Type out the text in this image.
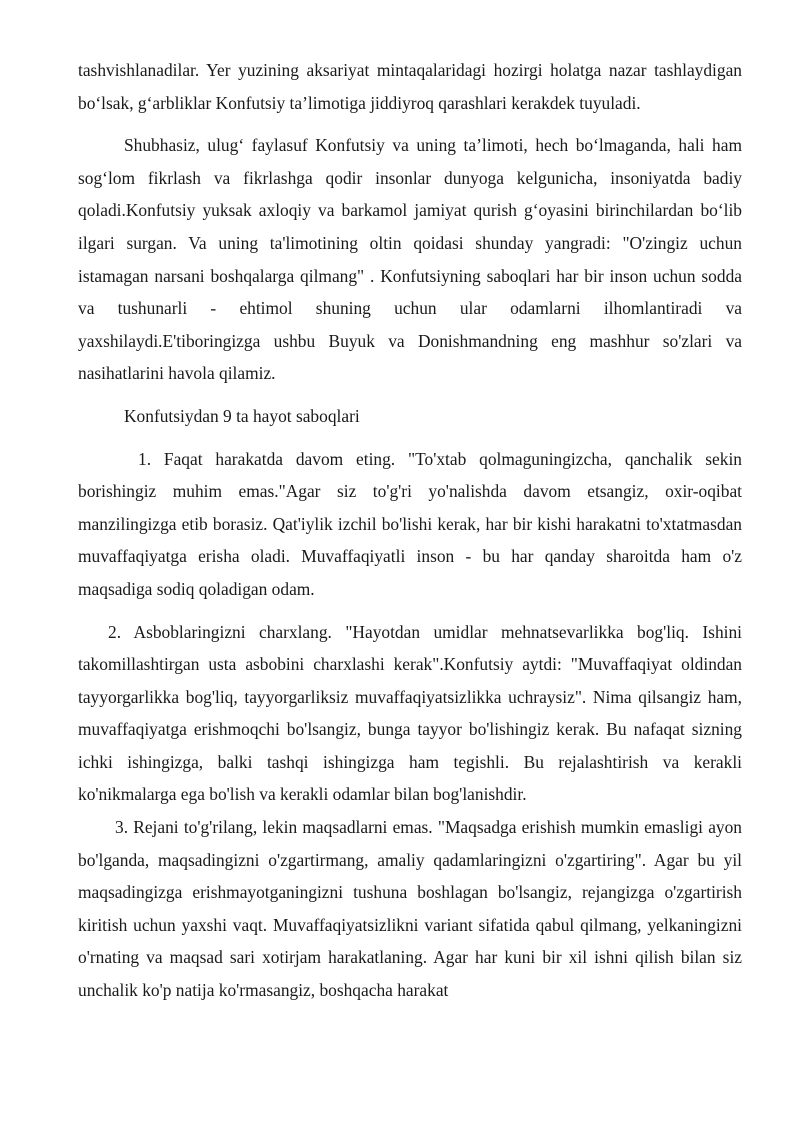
tashvishlanadilar. Yer yuzining aksariyat mintaqalaridagi hozirgi holatga nazar tashlaydigan boʻlsak, gʻarbliklar Konfutsiy ta’limotiga jiddiyroq qarashlari kerakdek tuyuladi.

Shubhasiz, ulugʻ faylasuf Konfutsiy va uning ta’limoti, hech boʻlmaganda, hali ham sogʻlom fikrlash va fikrlashga qodir insonlar dunyoga kelgunicha, insoniyatda badiy qoladi.Konfutsiy yuksak axloqiy va barkamol jamiyat qurish gʻoyasini birinchilardan boʻlib ilgari surgan. Va uning ta'limotining oltin qoidasi shunday yangradi: "O'zingiz uchun istamagan narsani boshqalarga qilmang" . Konfutsiyning saboqlari har bir inson uchun sodda va tushunarli - ehtimol shuning uchun ular odamlarni ilhomlantiradi va yaxshilaydi.E'tiboringizga ushbu Buyuk va Donishmandning eng mashhur so'zlari va nasihatlarini havola qilamiz.

Konfutsiydan 9 ta hayot saboqlari

1. Faqat harakatda davom eting. "To'xtab qolmaguningizcha, qanchalik sekin borishingiz muhim emas."Agar siz to'g'ri yo'nalishda davom etsangiz, oxir-oqibat manzilingizga etib borasiz. Qat'iylik izchil bo'lishi kerak, har bir kishi harakatni to'xtatmasdan muvaffaqiyatga erisha oladi. Muvaffaqiyatli inson - bu har qanday sharoitda ham o'z maqsadiga sodiq qoladigan odam.

2. Asboblaringizni charxlang. "Hayotdan umidlar mehnatsevarlikka bog'liq. Ishini takomillashtirgan usta asbobini charxlashi kerak".Konfutsiy aytdi: "Muvaffaqiyat oldindan tayyorgarlikka bog'liq, tayyorgarliksiz muvaffaqiyatsizlikka uchraysiz". Nima qilsangiz ham, muvaffaqiyatga erishmoqchi bo'lsangiz, bunga tayyor bo'lishingiz kerak. Bu nafaqat sizning ichki ishingizga, balki tashqi ishingizga ham tegishli. Bu rejalashtirish va kerakli ko'nikmalarga ega bo'lish va kerakli odamlar bilan bog'lanishdir.

3. Rejani to'g'rilang, lekin maqsadlarni emas. "Maqsadga erishish mumkin emasligi ayon bo'lganda, maqsadingizni o'zgartirmang, amaliy qadamlaringizni o'zgartiring". Agar bu yil maqsadingizga erishmayotganingizni tushuna boshlagan bo'lsangiz, rejangizga o'zgartirish kiritish uchun yaxshi vaqt. Muvaffaqiyatsizlikni variant sifatida qabul qilmang, yelkaningizni o'rnating va maqsad sari xotirjam harakatlaning. Agar har kuni bir xil ishni qilish bilan siz unchalik ko'p natija ko'rmasangiz, boshqacha harakat
